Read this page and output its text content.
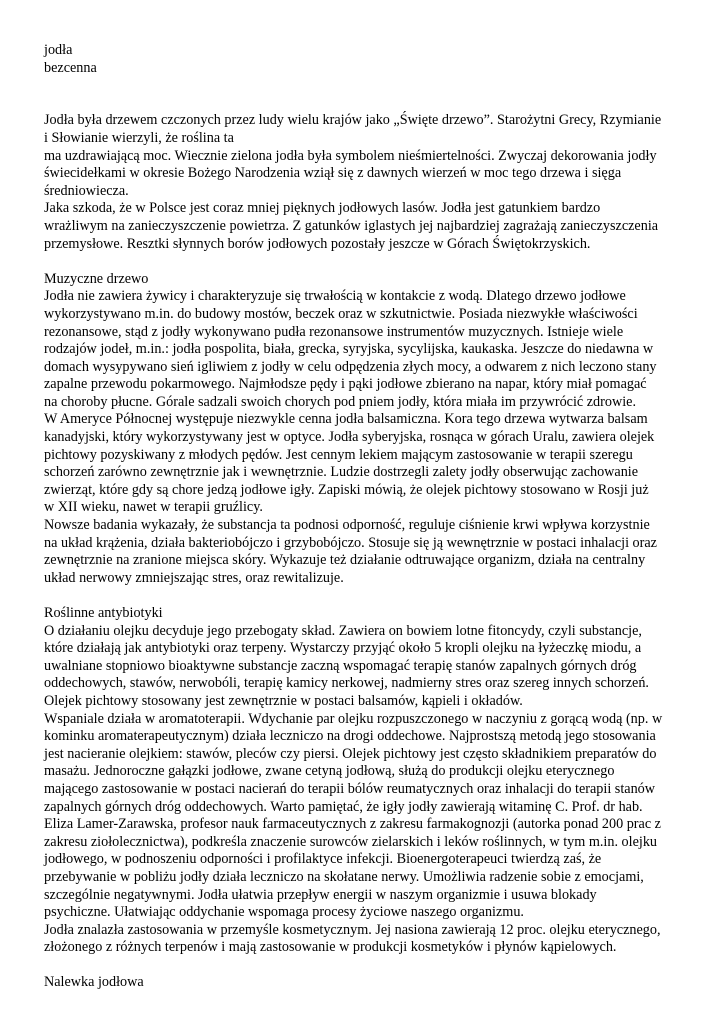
jodła
bezcenna
Jodła była drzewem czczonych przez ludy wielu krajów jako „Święte drzewo”. Starożytni Grecy, Rzymianie
i Słowianie wierzyli, że roślina ta
ma uzdrawiającą moc. Wiecznie zielona jodła była symbolem nieśmiertelności. Zwyczaj dekorowania jodły
świecidełkami w okresie Bożego Narodzenia wziął się z dawnych wierzeń w moc tego drzewa i sięga
średniowiecza.
Jaka szkoda, że w Polsce jest coraz mniej pięknych jodłowych lasów. Jodła jest gatunkiem bardzo
wrażliwym na zanieczyszczenie powietrza. Z gatunków iglastych jej najbardziej zagrażają zanieczyszczenia
przemysłowe. Resztki słynnych borów jodłowych pozostały jeszcze w Górach Świętokrzyskich.
Muzyczne drzewo
Jodła nie zawiera żywicy i charakteryzuje się trwałością w kontakcie z wodą. Dlatego drzewo jodłowe
wykorzystywano m.in. do budowy mostów, beczek oraz w szkutnictwie. Posiada niezwykłe właściwości
rezonansowe, stąd z jodły wykonywano pudła rezonansowe instrumentów muzycznych. Istnieje wiele
rodzajów jodeł, m.in.: jodła pospolita, biała, grecka, syryjska, sycylijska, kaukaska. Jeszcze do niedawna w
domach wysypywano sień igliwiem z jodły w celu odpędzenia złych mocy, a odwarem z nich leczono stany
zapalne przewodu pokarmowego. Najmłodsze pędy i pąki jodłowe zbierano na napar, który miał pomagać
na choroby płucne. Górale sadzali swoich chorych pod pniem jodły, która miała im przywrócić zdrowie.
W Ameryce Północnej występuje niezwykle cenna jodła balsamiczna. Kora tego drzewa wytwarza balsam
kanadyjski, który wykorzystywany jest w optyce. Jodła syberyjska, rosnąca w górach Uralu, zawiera olejek
pichtowy pozyskiwany z młodych pędów. Jest cennym lekiem mającym zastosowanie w terapii szeregu
schorzeń zarówno zewnętrznie jak i wewnętrznie. Ludzie dostrzegli zalety jodły obserwując zachowanie
zwierząt, które gdy są chore jedzą jodłowe igły. Zapiski mówią, że olejek pichtowy stosowano w Rosji już
w XII wieku, nawet w terapii gruźlicy.
Nowsze badania wykazały, że substancja ta podnosi odporność, reguluje ciśnienie krwi wpływa korzystnie
na układ krążenia, działa bakteriobójczo i grzybobójczo. Stosuje się ją wewnętrznie w postaci inhalacji oraz
zewnętrznie na zranione miejsca skóry. Wykazuje też działanie odtruwające organizm, działa na centralny
układ nerwowy zmniejszając stres, oraz rewitalizuje.
Roślinne antybiotyki
O działaniu olejku decyduje jego przebogaty skład. Zawiera on bowiem lotne fitoncydy, czyli substancje,
które działają jak antybiotyki oraz terpeny. Wystarczy przyjąć około 5 kropli olejku na łyżeczkę miodu, a
uwalniane stopniowo bioaktywne substancje zaczną wspomagać terapię stanów zapalnych górnych dróg
oddechowych, stawów, nerwobóli, terapię kamicy nerkowej, nadmierny stres oraz szereg innych schorzeń.
Olejek pichtowy stosowany jest zewnętrznie w postaci balsamów, kąpieli i okładów.
Wspaniale działa w aromatoterapii. Wdychanie par olejku rozpuszczonego w naczyniu z gorącą wodą (np. w
kominku aromaterapeutycznym) działa leczniczo na drogi oddechowe. Najprostszą metodą jego stosowania
jest nacieranie olejkiem: stawów, pleców czy piersi. Olejek pichtowy jest często składnikiem preparatów do
masażu. Jednoroczne gałązki jodłowe, zwane cetyną jodłową, służą do produkcji olejku eterycznego
mającego zastosowanie w postaci nacierań do terapii bólów reumatycznych oraz inhalacji do terapii stanów
zapalnych górnych dróg oddechowych. Warto pamiętać, że igły jodły zawierają witaminę C. Prof. dr hab.
Eliza Lamer-Zarawska, profesor nauk farmaceutycznych z zakresu farmakognozji (autorka ponad 200 prac z
zakresu ziołolecznictwa), podkreśla znaczenie surowców zielarskich i leków roślinnych, w tym m.in. olejku
jodłowego, w podnoszeniu odporności i profilaktyce infekcji. Bioenergoterapeuci twierdzą zaś, że
przebywanie w pobliżu jodły działa leczniczo na skołatane nerwy. Umożliwia radzenie sobie z emocjami,
szczególnie negatywnymi. Jodła ułatwia przepływ energii w naszym organizmie i usuwa blokady
psychiczne. Ułatwiając oddychanie wspomaga procesy życiowe naszego organizmu.
Jodła znalazła zastosowania w przemyśle kosmetycznym. Jej nasiona zawierają 12 proc. olejku eterycznego,
złożonego z różnych terpenów i mają zastosowanie w produkcji kosmetyków i płynów kąpielowych.
Nalewka jodłowa
